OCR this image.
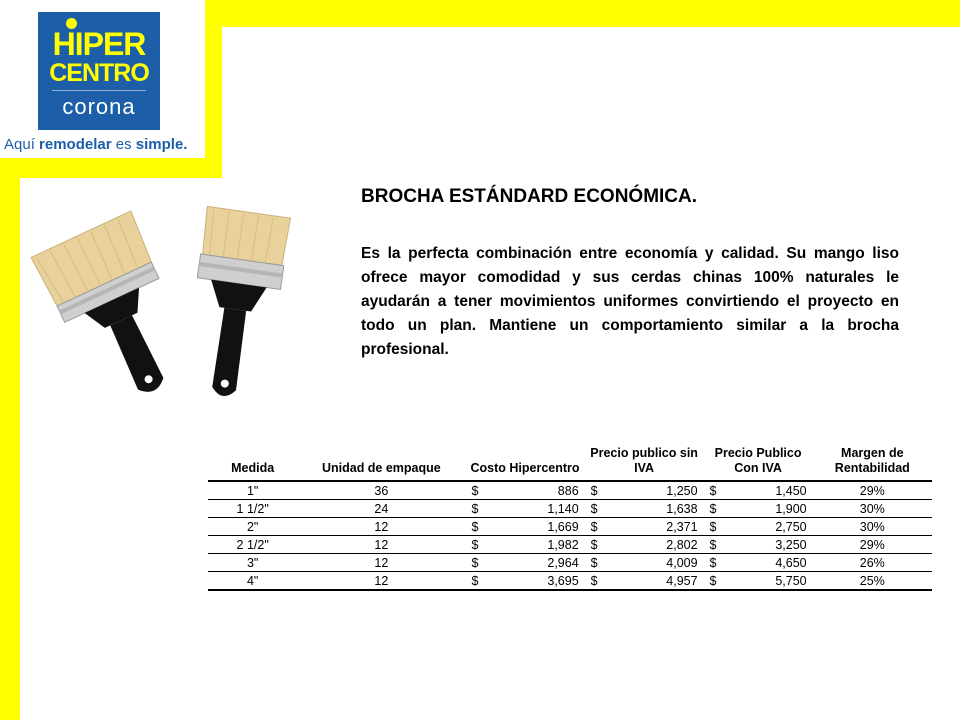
HIPER
CENTRO
corona
Aquí remodelar es simple.
BROCHA ESTÁNDARD ECONÓMICA.
Es la perfecta combinación entre economía y calidad. Su mango liso ofrece mayor comodidad y sus cerdas chinas 100% naturales le ayudarán a tener movimientos uniformes convirtiendo el proyecto en todo un plan. Mantiene un comportamiento similar a la brocha profesional.
Medida	Unidad de empaque	Costo Hipercentro		Precio publico sin IVA		Precio Publico Con IVA		Margen de Rentabilidad
1"	36	$	886	$	1,250	$	1,450	29%
1 1/2"	24	$	1,140	$	1,638	$	1,900	30%
2"	12	$	1,669	$	2,371	$	2,750	30%
2 1/2"	12	$	1,982	$	2,802	$	3,250	29%
3"	12	$	2,964	$	4,009	$	4,650	26%
4"	12	$	3,695	$	4,957	$	5,750	25%
